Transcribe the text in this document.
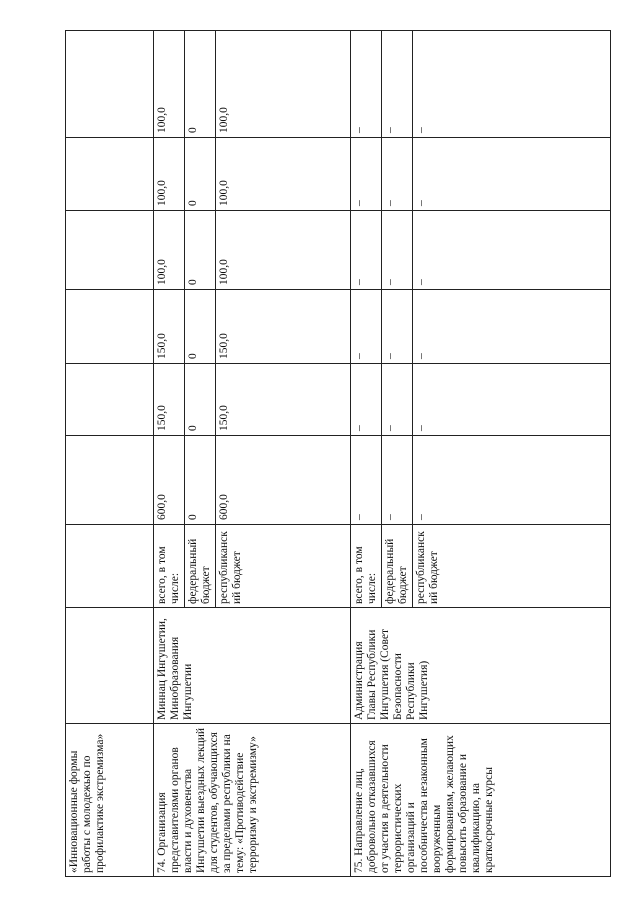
«Инновационные формы работы с молодежью по профилактике экстремизма»								
74. Организация представителями органов власти и духовенства Ингушетии выездных лекций для студентов, обучающихся за пределами республики на тему: «Противодействие терроризму и экстремизму»	Миннац Ингушетии, Минобразования Ингушетии	всего, в том числе:	600,0	150,0	150,0	100,0	100,0	100,0
		федеральный бюджет	0	0	0	0	0	0
		республиканский бюджет	600,0	150,0	150,0	100,0	100,0	100,0
75. Направление лиц, добровольно отказавшихся от участия в деятельности террористических организаций и пособничества незаконным вооруженным формированиям, желающих повысить образование и квалификацию, на краткосрочные курсы	Администрация Главы Республики Ингушетия (Совет Безопасности Республики Ингушетия)	всего, в том числе:	–	–	–	–	–	–
		федеральный бюджет	–	–	–	–	–	–
		республиканский бюджет	–	–	–	–	–	–
